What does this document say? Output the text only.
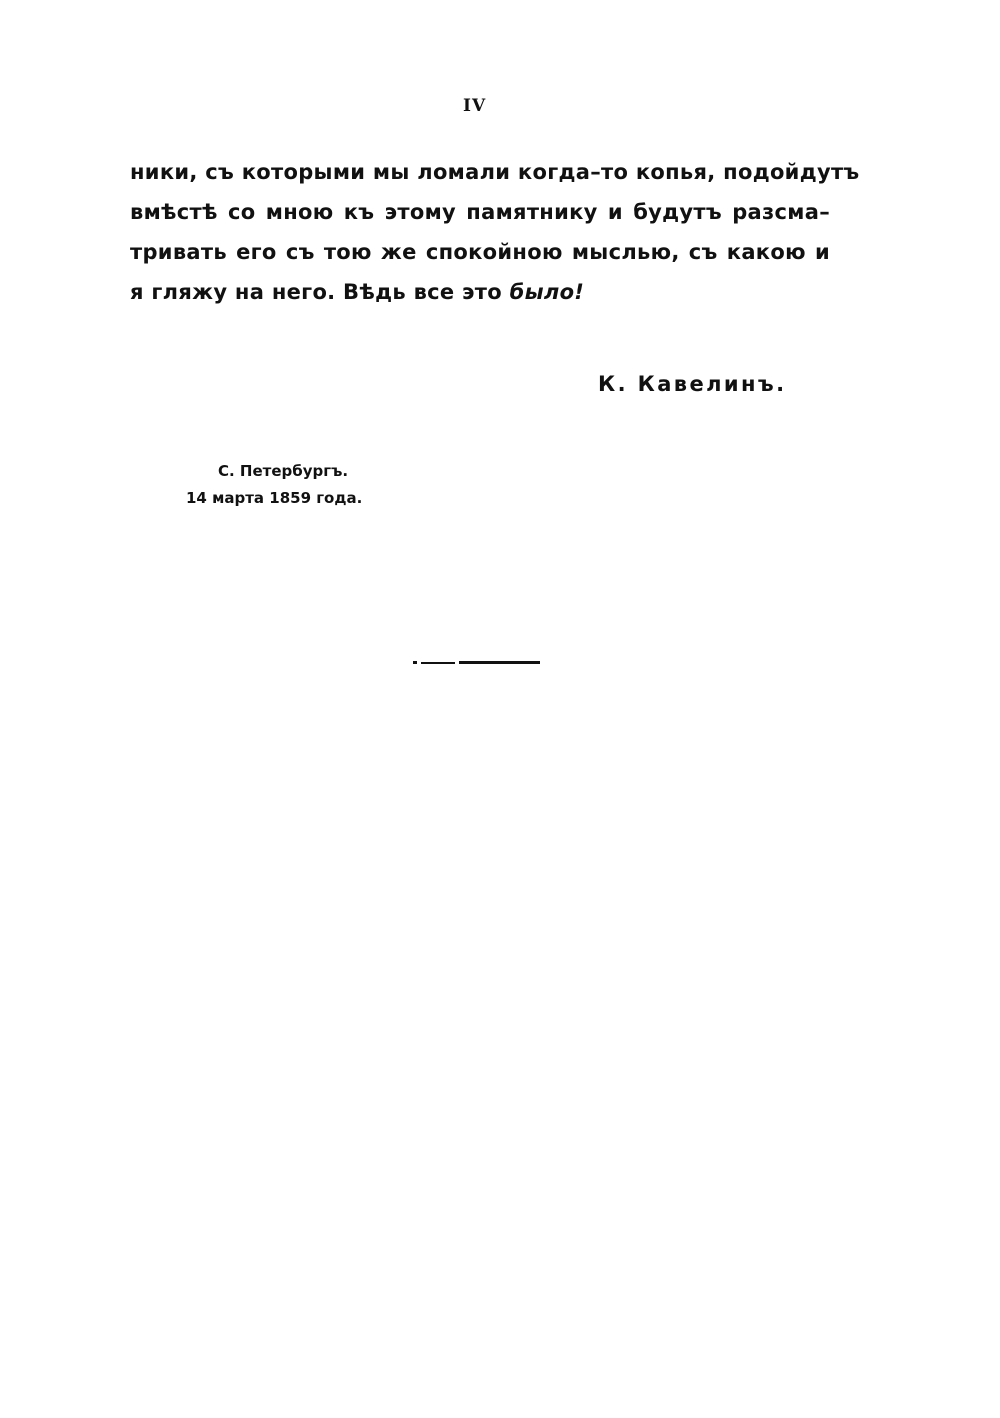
IV
ники, съ которыми мы ломали когда–то копья, подойдутъ
вмѣстѣ со мною къ этому памятнику и будутъ разсма–
тривать его съ тою же спокойною мыслью, съ какою и
я гляжу на него. Вѣдь все это было!
К. Кавелинъ.
С. Петербургъ.
14 марта 1859 года.
